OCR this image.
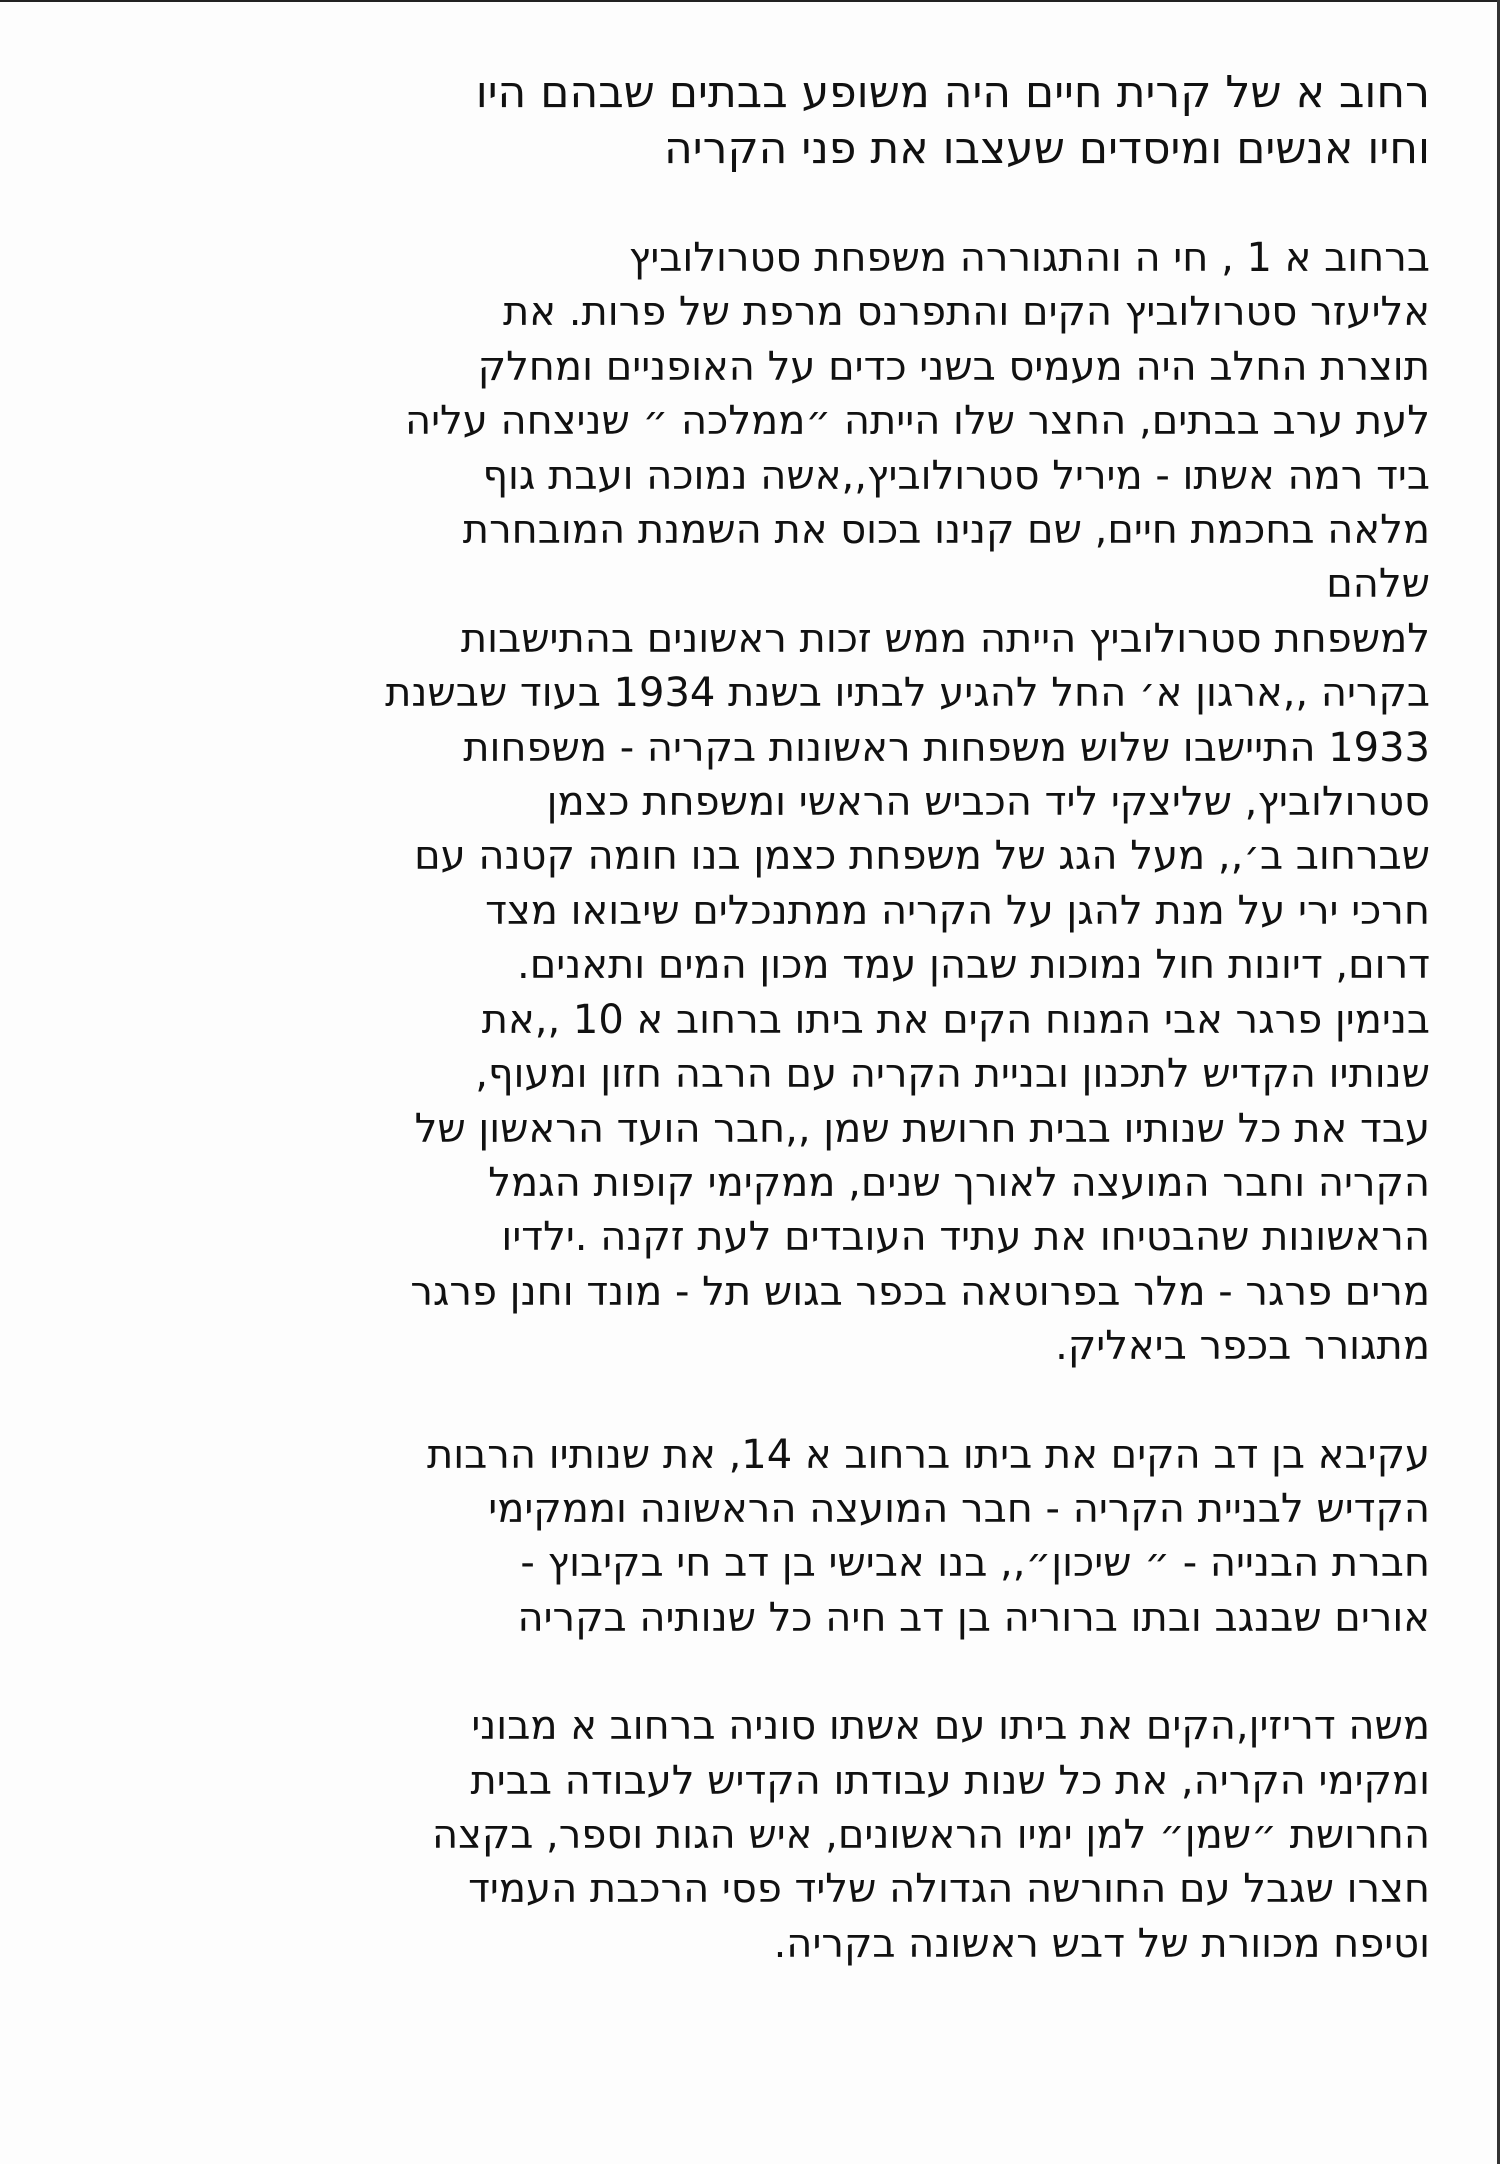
רחוב א של קרית חיים היה משופע בבתים שבהם היו
וחיו אנשים ומיסדים שעצבו את פני הקריה
ברחוב א 1 , חי ה והתגוררה משפחת סטרולוביץ
אליעזר סטרולוביץ הקים והתפרנס מרפת של פרות. את
תוצרת החלב היה מעמיס בשני כדים על האופניים ומחלק
לעת ערב בבתים, החצר שלו הייתה ״ממלכה ״ שניצחה עליה
ביד רמה אשתו - מיריל סטרולוביץ,,אשה נמוכה ועבת גוף
מלאה בחכמת חיים, שם קנינו בכוס את השמנת המובחרת
שלהם
למשפחת סטרולוביץ הייתה ממש זכות ראשונים בהתישבות
בקריה ,,ארגון א׳ החל להגיע לבתיו בשנת 1934 בעוד שבשנת
1933 התיישבו שלוש משפחות ראשונות בקריה - משפחות
סטרולוביץ, שליצקי ליד הכביש הראשי ומשפחת כצמן
שברחוב ב׳,, מעל הגג של משפחת כצמן בנו חומה קטנה עם
חרכי ירי על מנת להגן על הקריה ממתנכלים שיבואו מצד
דרום, דיונות חול נמוכות שבהן עמד מכון המים ותאנים.
בנימין פרגר אבי המנוח הקים את ביתו ברחוב א 10 ,,את
שנותיו הקדיש לתכנון ובניית הקריה עם הרבה חזון ומעוף,
עבד את כל שנותיו בבית חרושת שמן ,,חבר הועד הראשון של
הקריה וחבר המועצה לאורך שנים, ממקימי קופות הגמל
הראשונות שהבטיחו את עתיד העובדים לעת זקנה .ילדיו
מרים פרגר - מלר בפרוטאה בכפר בגוש תל - מונד וחנן פרגר
מתגורר בכפר ביאליק.
עקיבא בן דב הקים את ביתו ברחוב א 14, את שנותיו הרבות
הקדיש לבניית הקריה - חבר המועצה הראשונה וממקימי
חברת הבנייה - ״ שיכון״,, בנו אבישי בן דב חי בקיבוץ -
אורים שבנגב ובתו ברוריה בן דב חיה כל שנותיה בקריה
משה דריזין,הקים את ביתו עם אשתו סוניה ברחוב א מבוני
ומקימי הקריה, את כל שנות עבודתו הקדיש לעבודה בבית
החרושת ״שמן״ למן ימיו הראשונים, איש הגות וספר, בקצה
חצרו שגבל עם החורשה הגדולה שליד פסי הרכבת העמיד
וטיפח מכוורת של דבש ראשונה בקריה.
